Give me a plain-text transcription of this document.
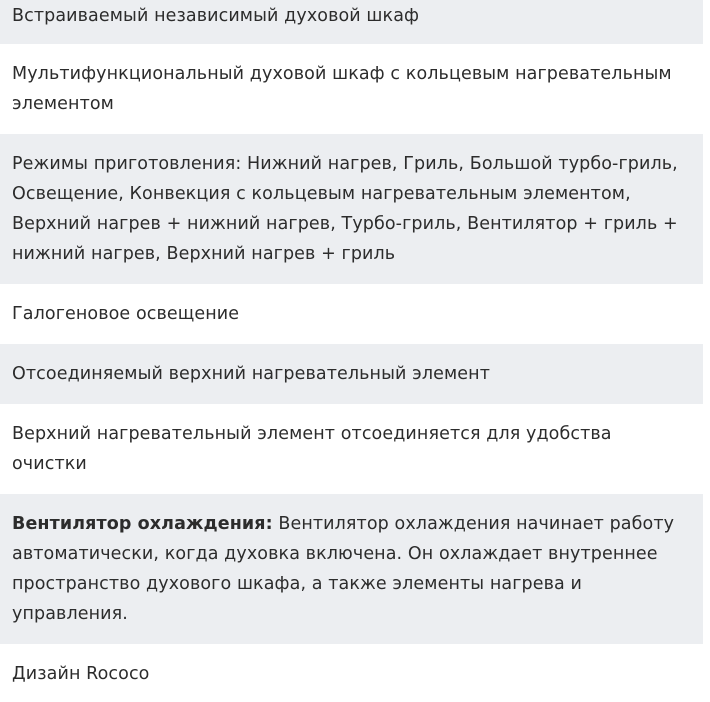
Встраиваемый независимый духовой шкаф
Мультифункциональный духовой шкаф с кольцевым нагревательным элементом
Режимы приготовления: Нижний нагрев, Гриль, Большой турбо-гриль, Освещение, Конвекция с кольцевым нагревательным элементом, Верхний нагрев + нижний нагрев, Турбо-гриль, Вентилятор + гриль + нижний нагрев, Верхний нагрев + гриль
Галогеновое освещение
Отсоединяемый верхний нагревательный элемент
Верхний нагревательный элемент отсоединяется для удобства очистки
Вентилятор охлаждения: Вентилятор охлаждения начинает работу автоматически, когда духовка включена. Он охлаждает внутреннее пространство духового шкафа, а также элементы нагрева и управления.
Дизайн Rococo
